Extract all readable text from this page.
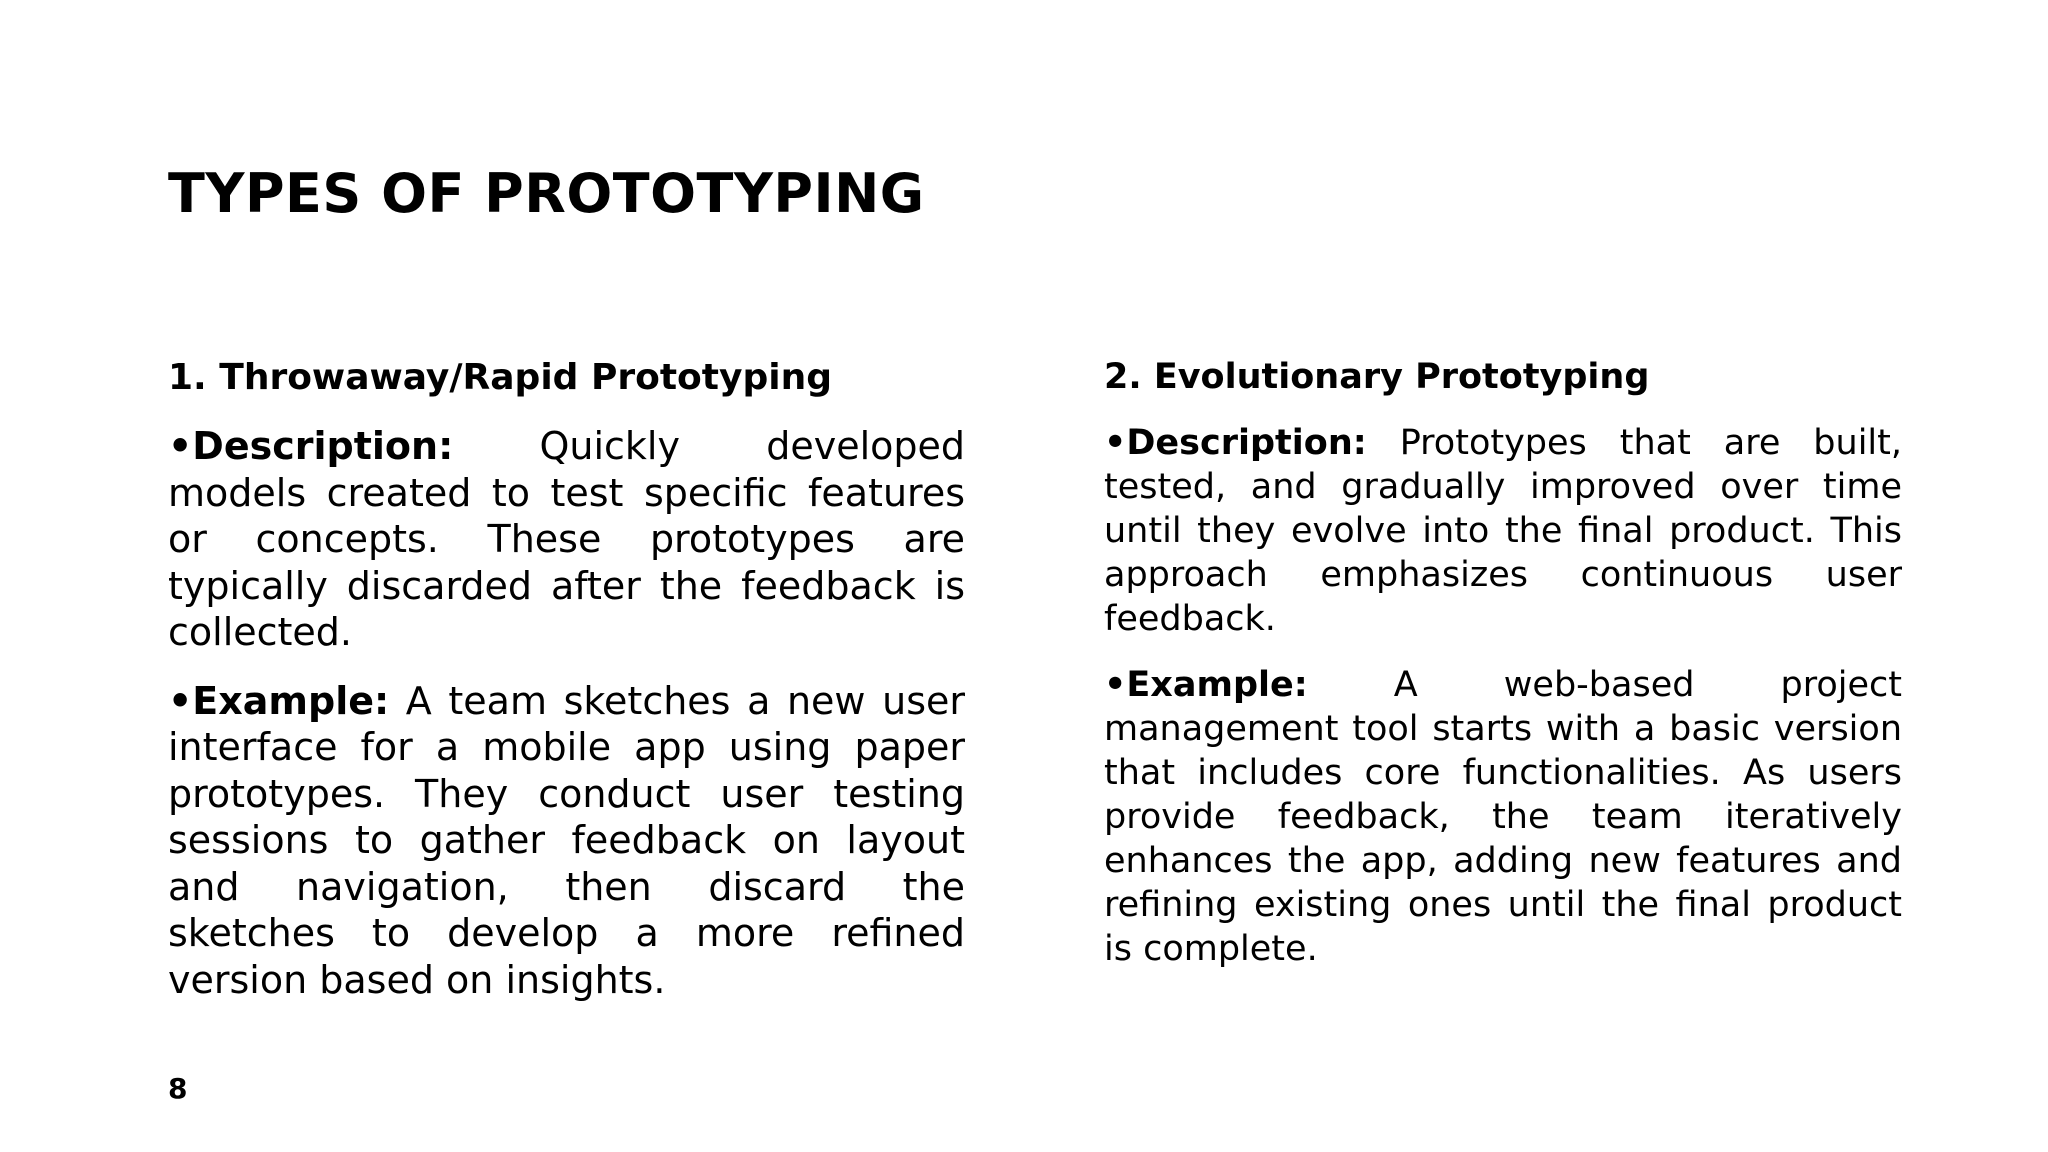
TYPES OF PROTOTYPING

1. Throwaway/Rapid Prototyping

•Description: Quickly developed models created to test specific features or concepts. These prototypes are typically discarded after the feedback is collected.

•Example: A team sketches a new user interface for a mobile app using paper prototypes. They conduct user testing sessions to gather feedback on layout and navigation, then discard the sketches to develop a more refined version based on insights.

2. Evolutionary Prototyping

•Description: Prototypes that are built, tested, and gradually improved over time until they evolve into the final product. This approach emphasizes continuous user feedback.

•Example: A web-based project management tool starts with a basic version that includes core functionalities. As users provide feedback, the team iteratively enhances the app, adding new features and refining existing ones until the final product is complete.

8
